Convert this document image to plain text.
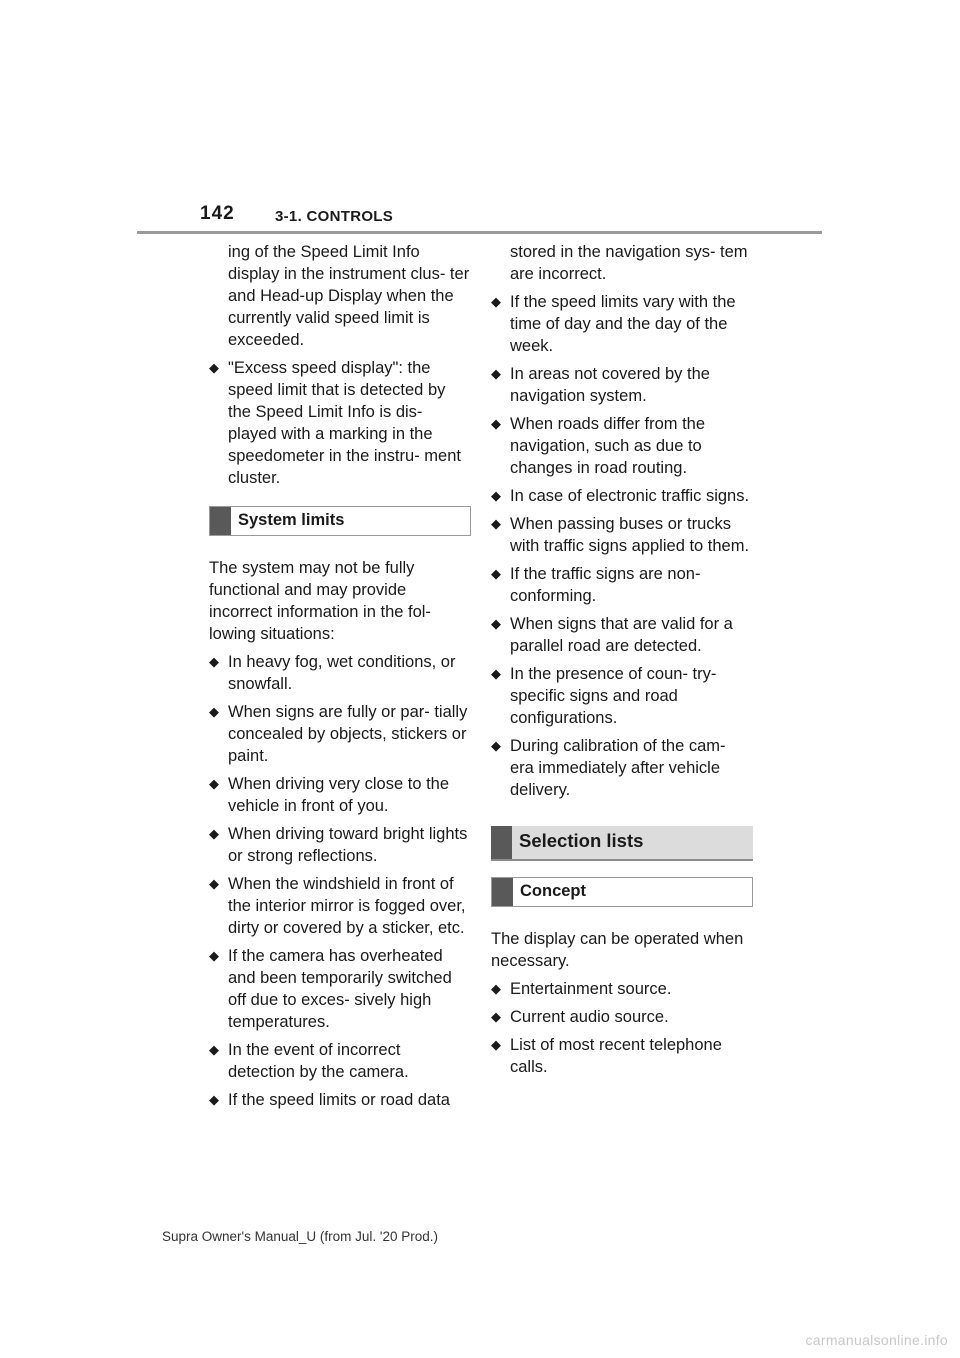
142	3-1. CONTROLS

ing of the Speed Limit Info display in the instrument clus- ter and Head-up Display when the currently valid speed limit is exceeded.

◆ "Excess speed display": the speed limit that is detected by the Speed Limit Info is dis- played with a marking in the speedometer in the instru- ment cluster.
System limits

The system may not be fully functional and may provide incorrect information in the fol- lowing situations:

◆ In heavy fog, wet conditions, or snowfall.
◆ When signs are fully or par- tially concealed by objects, stickers or paint.
◆ When driving very close to the vehicle in front of you.
◆ When driving toward bright lights or strong reflections.
◆ When the windshield in front of the interior mirror is fogged over, dirty or covered by a sticker, etc.
◆ If the camera has overheated and been temporarily switched off due to exces- sively high temperatures.
◆ In the event of incorrect detection by the camera.
◆ If the speed limits or road data

stored in the navigation sys- tem are incorrect.

◆ If the speed limits vary with the time of day and the day of the week.
◆ In areas not covered by the navigation system.
◆ When roads differ from the navigation, such as due to changes in road routing.
◆ In case of electronic traffic signs.
◆ When passing buses or trucks with traffic signs applied to them.
◆ If the traffic signs are non-conforming.
◆ When signs that are valid for a parallel road are detected.
◆ In the presence of coun- try-specific signs and road configurations.
◆ During calibration of the cam- era immediately after vehicle delivery.
Selection lists
Concept

The display can be operated when necessary.

◆ Entertainment source.
◆ Current audio source.
◆ List of most recent telephone calls.
Supra Owner's Manual_U (from Jul. '20 Prod.)
carmanualsonline.info
